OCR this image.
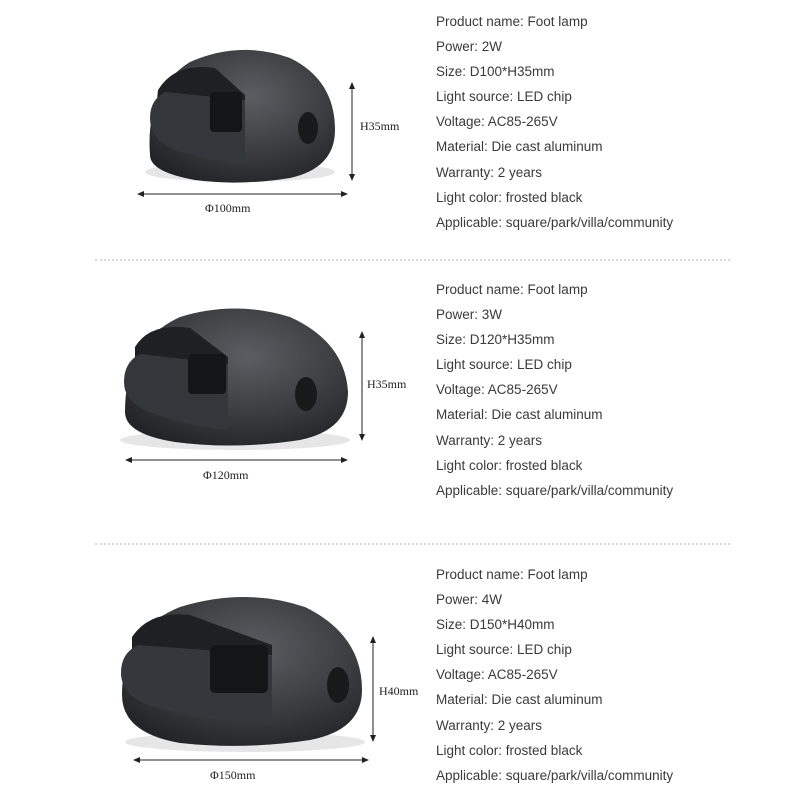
H35mm
Φ100mm
Product name: Foot lamp
Power: 2W
Size: D100*H35mm
Light source: LED chip
Voltage: AC85-265V
Material: Die cast aluminum
Warranty: 2 years
Light color: frosted black
Applicable: square/park/villa/community
H35mm
Φ120mm
Product name: Foot lamp
Power: 3W
Size: D120*H35mm
Light source: LED chip
Voltage: AC85-265V
Material: Die cast aluminum
Warranty: 2 years
Light color: frosted black
Applicable: square/park/villa/community
H40mm
Φ150mm
Product name: Foot lamp
Power: 4W
Size: D150*H40mm
Light source: LED chip
Voltage: AC85-265V
Material: Die cast aluminum
Warranty: 2 years
Light color: frosted black
Applicable: square/park/villa/community
